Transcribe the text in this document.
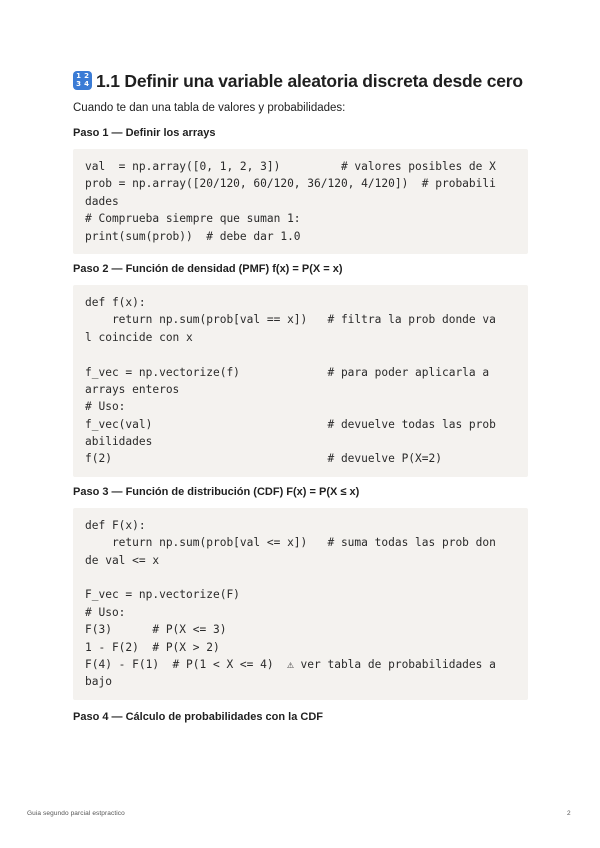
1 2
3 4 1.1 Definir una variable aleatoria discreta desde cero

Cuando te dan una tabla de valores y probabilidades:

Paso 1 — Definir los arrays
val  = np.array([0, 1, 2, 3])         # valores posibles de X
prob = np.array([20/120, 60/120, 36/120, 4/120])  # probabili
dades
# Comprueba siempre que suman 1:
print(sum(prob))  # debe dar 1.0
Paso 2 — Función de densidad (PMF) f(x) = P(X = x)
def f(x):
return np.sum(prob[val == x])   # filtra la prob donde va
l coincide con x
f_vec = np.vectorize(f)             # para poder aplicarla a
arrays enteros
# Uso:
f_vec(val)                          # devuelve todas las prob
abilidades
f(2)                                # devuelve P(X=2)
Paso 3 — Función de distribución (CDF) F(x) = P(X ≤ x)
def F(x):
return np.sum(prob[val <= x])   # suma todas las prob don
de val <= x
F_vec = np.vectorize(F)
# Uso:
F(3)      # P(X <= 3)
1 - F(2)  # P(X > 2)
F(4) - F(1)  # P(1 < X <= 4)  ⚠ ver tabla de probabilidades a
bajo
Paso 4 — Cálculo de probabilidades con la CDF
Guia segundo parcial estpractico	2
